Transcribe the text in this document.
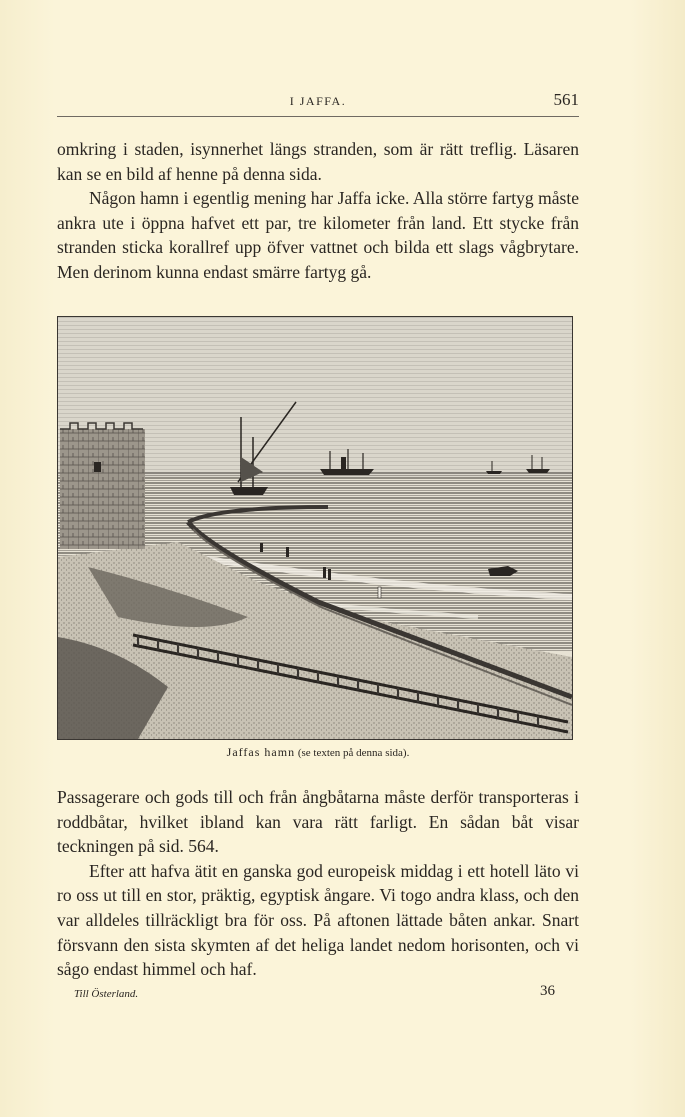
I JAFFA.	561

omkring i staden, isynnerhet längs stranden, som är rätt treflig. Läsaren kan se en bild af henne på denna sida.

Någon hamn i egentlig mening har Jaffa icke. Alla större fartyg måste ankra ute i öppna hafvet ett par, tre kilometer från land. Ett stycke från stranden sticka korallref upp öfver vattnet och bilda ett slags vågbrytare. Men derinom kunna endast smärre fartyg gå.

Jaffas hamn (se texten på denna sida).

Passagerare och gods till och från ångbåtarna måste derför transporteras i roddbåtar, hvilket ibland kan vara rätt farligt. En sådan båt visar teckningen på sid. 564.

Efter att hafva ätit en ganska god europeisk middag i ett hotell läto vi ro oss ut till en stor, präktig, egyptisk ångare. Vi togo andra klass, och den var alldeles tillräckligt bra för oss. På aftonen lättade båten ankar. Snart försvann den sista skymten af det heliga landet nedom horisonten, och vi sågo endast himmel och haf.

Till Österland.	36
